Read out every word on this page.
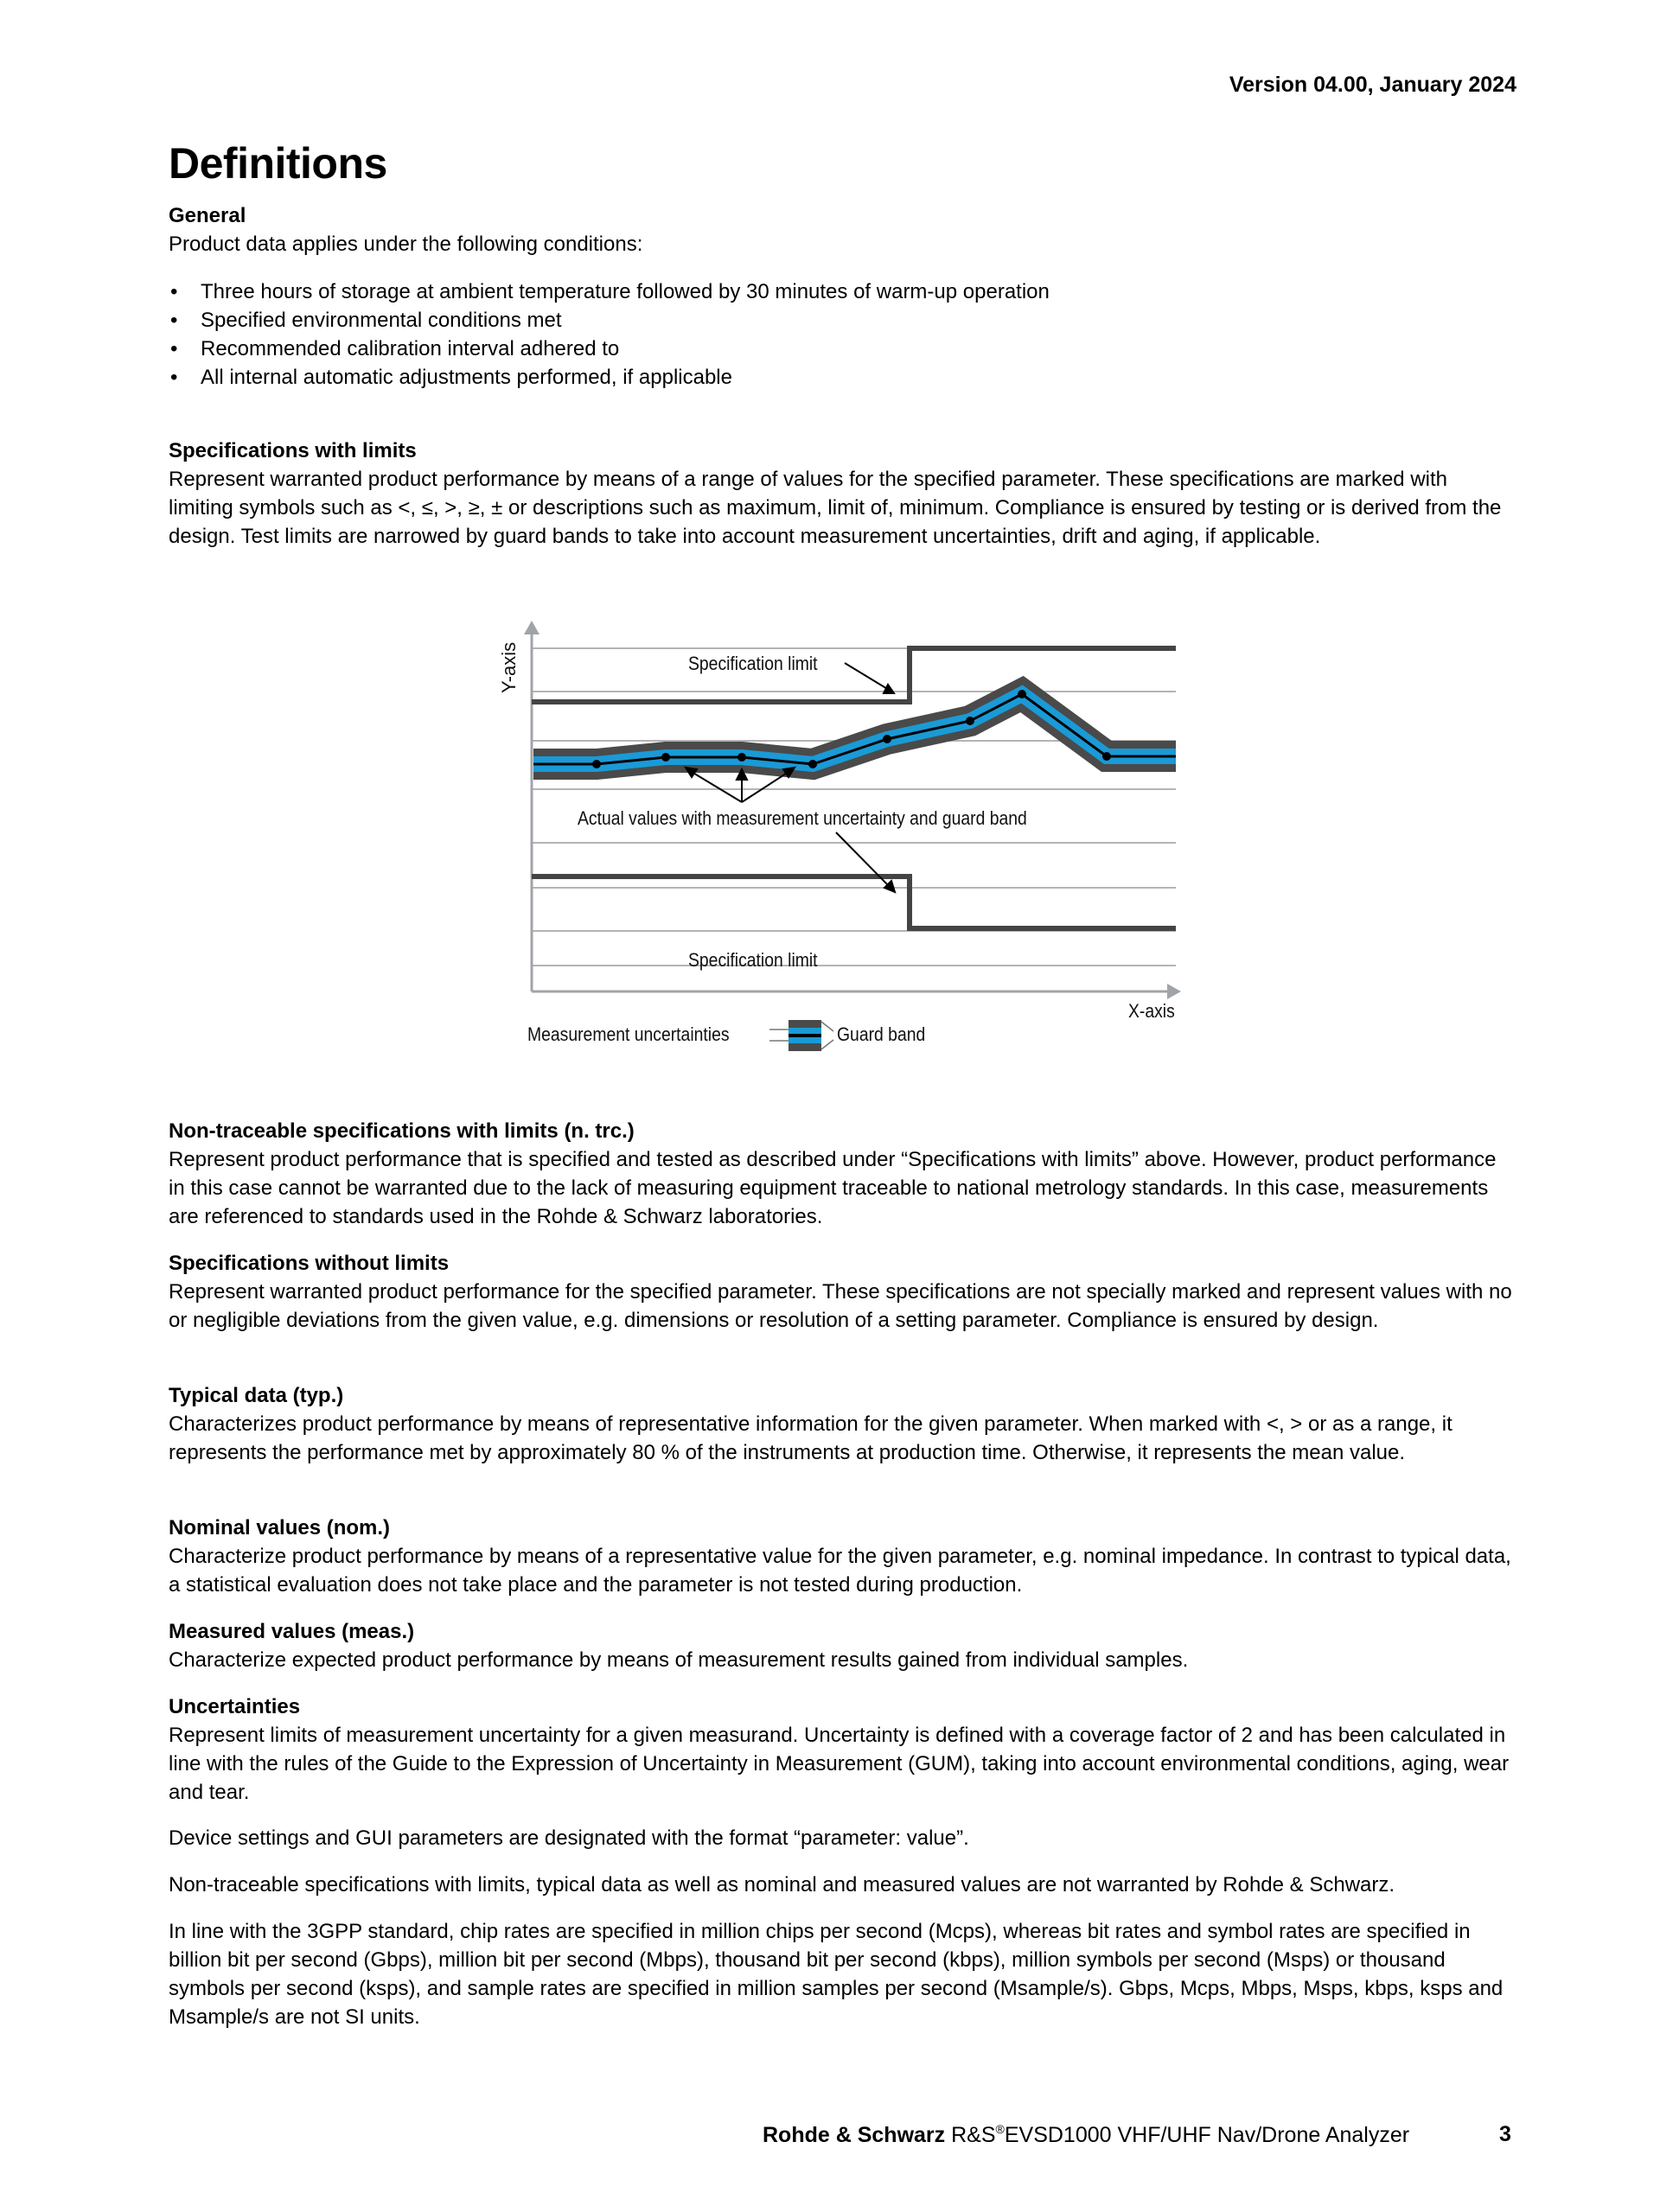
Version 04.00, January 2024
Definitions
General

Product data applies under the following conditions:

• Three hours of storage at ambient temperature followed by 30 minutes of warm-up operation
• Specified environmental conditions met
• Recommended calibration interval adhered to
• All internal automatic adjustments performed, if applicable
Specifications with limits

Represent warranted product performance by means of a range of values for the specified parameter. These specifications are marked with limiting symbols such as <, ≤, >, ≥, ± or descriptions such as maximum, limit of, minimum. Compliance is ensured by testing or is derived from the design. Test limits are narrowed by guard bands to take into account measurement uncertainties, drift and aging, if applicable.

Y-axis	Specification limit
Actual values with measurement uncertainty and guard band
Specification limit
X-axis
Measurement uncertainties	Guard band
Non-traceable specifications with limits (n. trc.)

Represent product performance that is specified and tested as described under “Specifications with limits” above. However, product performance in this case cannot be warranted due to the lack of measuring equipment traceable to national metrology standards. In this case, measurements are referenced to standards used in the Rohde & Schwarz laboratories.

Specifications without limits

Represent warranted product performance for the specified parameter. These specifications are not specially marked and represent values with no or negligible deviations from the given value, e.g. dimensions or resolution of a setting parameter. Compliance is ensured by design.

Typical data (typ.)

Characterizes product performance by means of representative information for the given parameter. When marked with <, > or as a range, it represents the performance met by approximately 80 % of the instruments at production time. Otherwise, it represents the mean value.

Nominal values (nom.)

Characterize product performance by means of a representative value for the given parameter, e.g. nominal impedance. In contrast to typical data, a statistical evaluation does not take place and the parameter is not tested during production.

Measured values (meas.)

Characterize expected product performance by means of measurement results gained from individual samples.

Uncertainties

Represent limits of measurement uncertainty for a given measurand. Uncertainty is defined with a coverage factor of 2 and has been calculated in line with the rules of the Guide to the Expression of Uncertainty in Measurement (GUM), taking into account environmental conditions, aging, wear and tear.

Device settings and GUI parameters are designated with the format “parameter: value”.

Non-traceable specifications with limits, typical data as well as nominal and measured values are not warranted by Rohde & Schwarz.

In line with the 3GPP standard, chip rates are specified in million chips per second (Mcps), whereas bit rates and symbol rates are specified in billion bit per second (Gbps), million bit per second (Mbps), thousand bit per second (kbps), million symbols per second (Msps) or thousand symbols per second (ksps), and sample rates are specified in million samples per second (Msample/s). Gbps, Mcps, Mbps, Msps, kbps, ksps and Msample/s are not SI units.

Rohde & Schwarz R&S®EVSD1000 VHF/UHF Nav/Drone Analyzer	3
